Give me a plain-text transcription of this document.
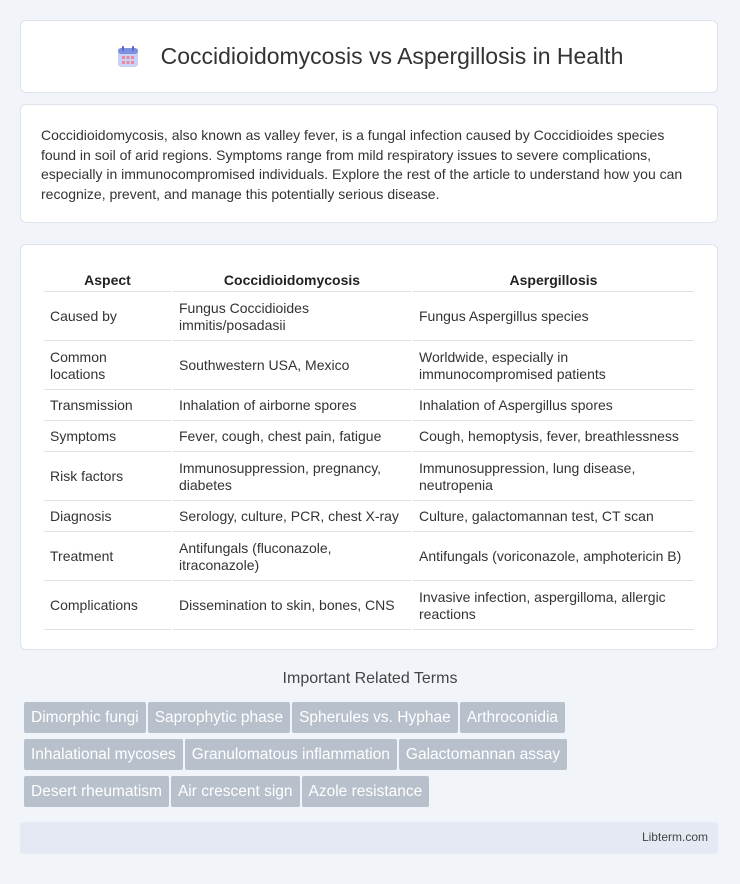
Coccidioidomycosis vs Aspergillosis in Health

Coccidioidomycosis, also known as valley fever, is a fungal infection caused by Coccidioides species found in soil of arid regions. Symptoms range from mild respiratory issues to severe complications, especially in immunocompromised individuals. Explore the rest of the article to understand how you can recognize, prevent, and manage this potentially serious disease.

Aspect	Coccidioidomycosis	Aspergillosis
Caused by	Fungus Coccidioides immitis/posadasii	Fungus Aspergillus species
Common locations	Southwestern USA, Mexico	Worldwide, especially in immunocompromised patients
Transmission	Inhalation of airborne spores	Inhalation of Aspergillus spores
Symptoms	Fever, cough, chest pain, fatigue	Cough, hemoptysis, fever, breathlessness
Risk factors	Immunosuppression, pregnancy, diabetes	Immunosuppression, lung disease, neutropenia
Diagnosis	Serology, culture, PCR, chest X-ray	Culture, galactomannan test, CT scan
Treatment	Antifungals (fluconazole, itraconazole)	Antifungals (voriconazole, amphotericin B)
Complications	Dissemination to skin, bones, CNS	Invasive infection, aspergilloma, allergic reactions
Important Related Terms
Dimorphic fungi Saprophytic phase Spherules vs. Hyphae Arthroconidia
Inhalational mycoses Granulomatous inflammation Galactomannan assay
Desert rheumatism Air crescent sign Azole resistance
Libterm.com
